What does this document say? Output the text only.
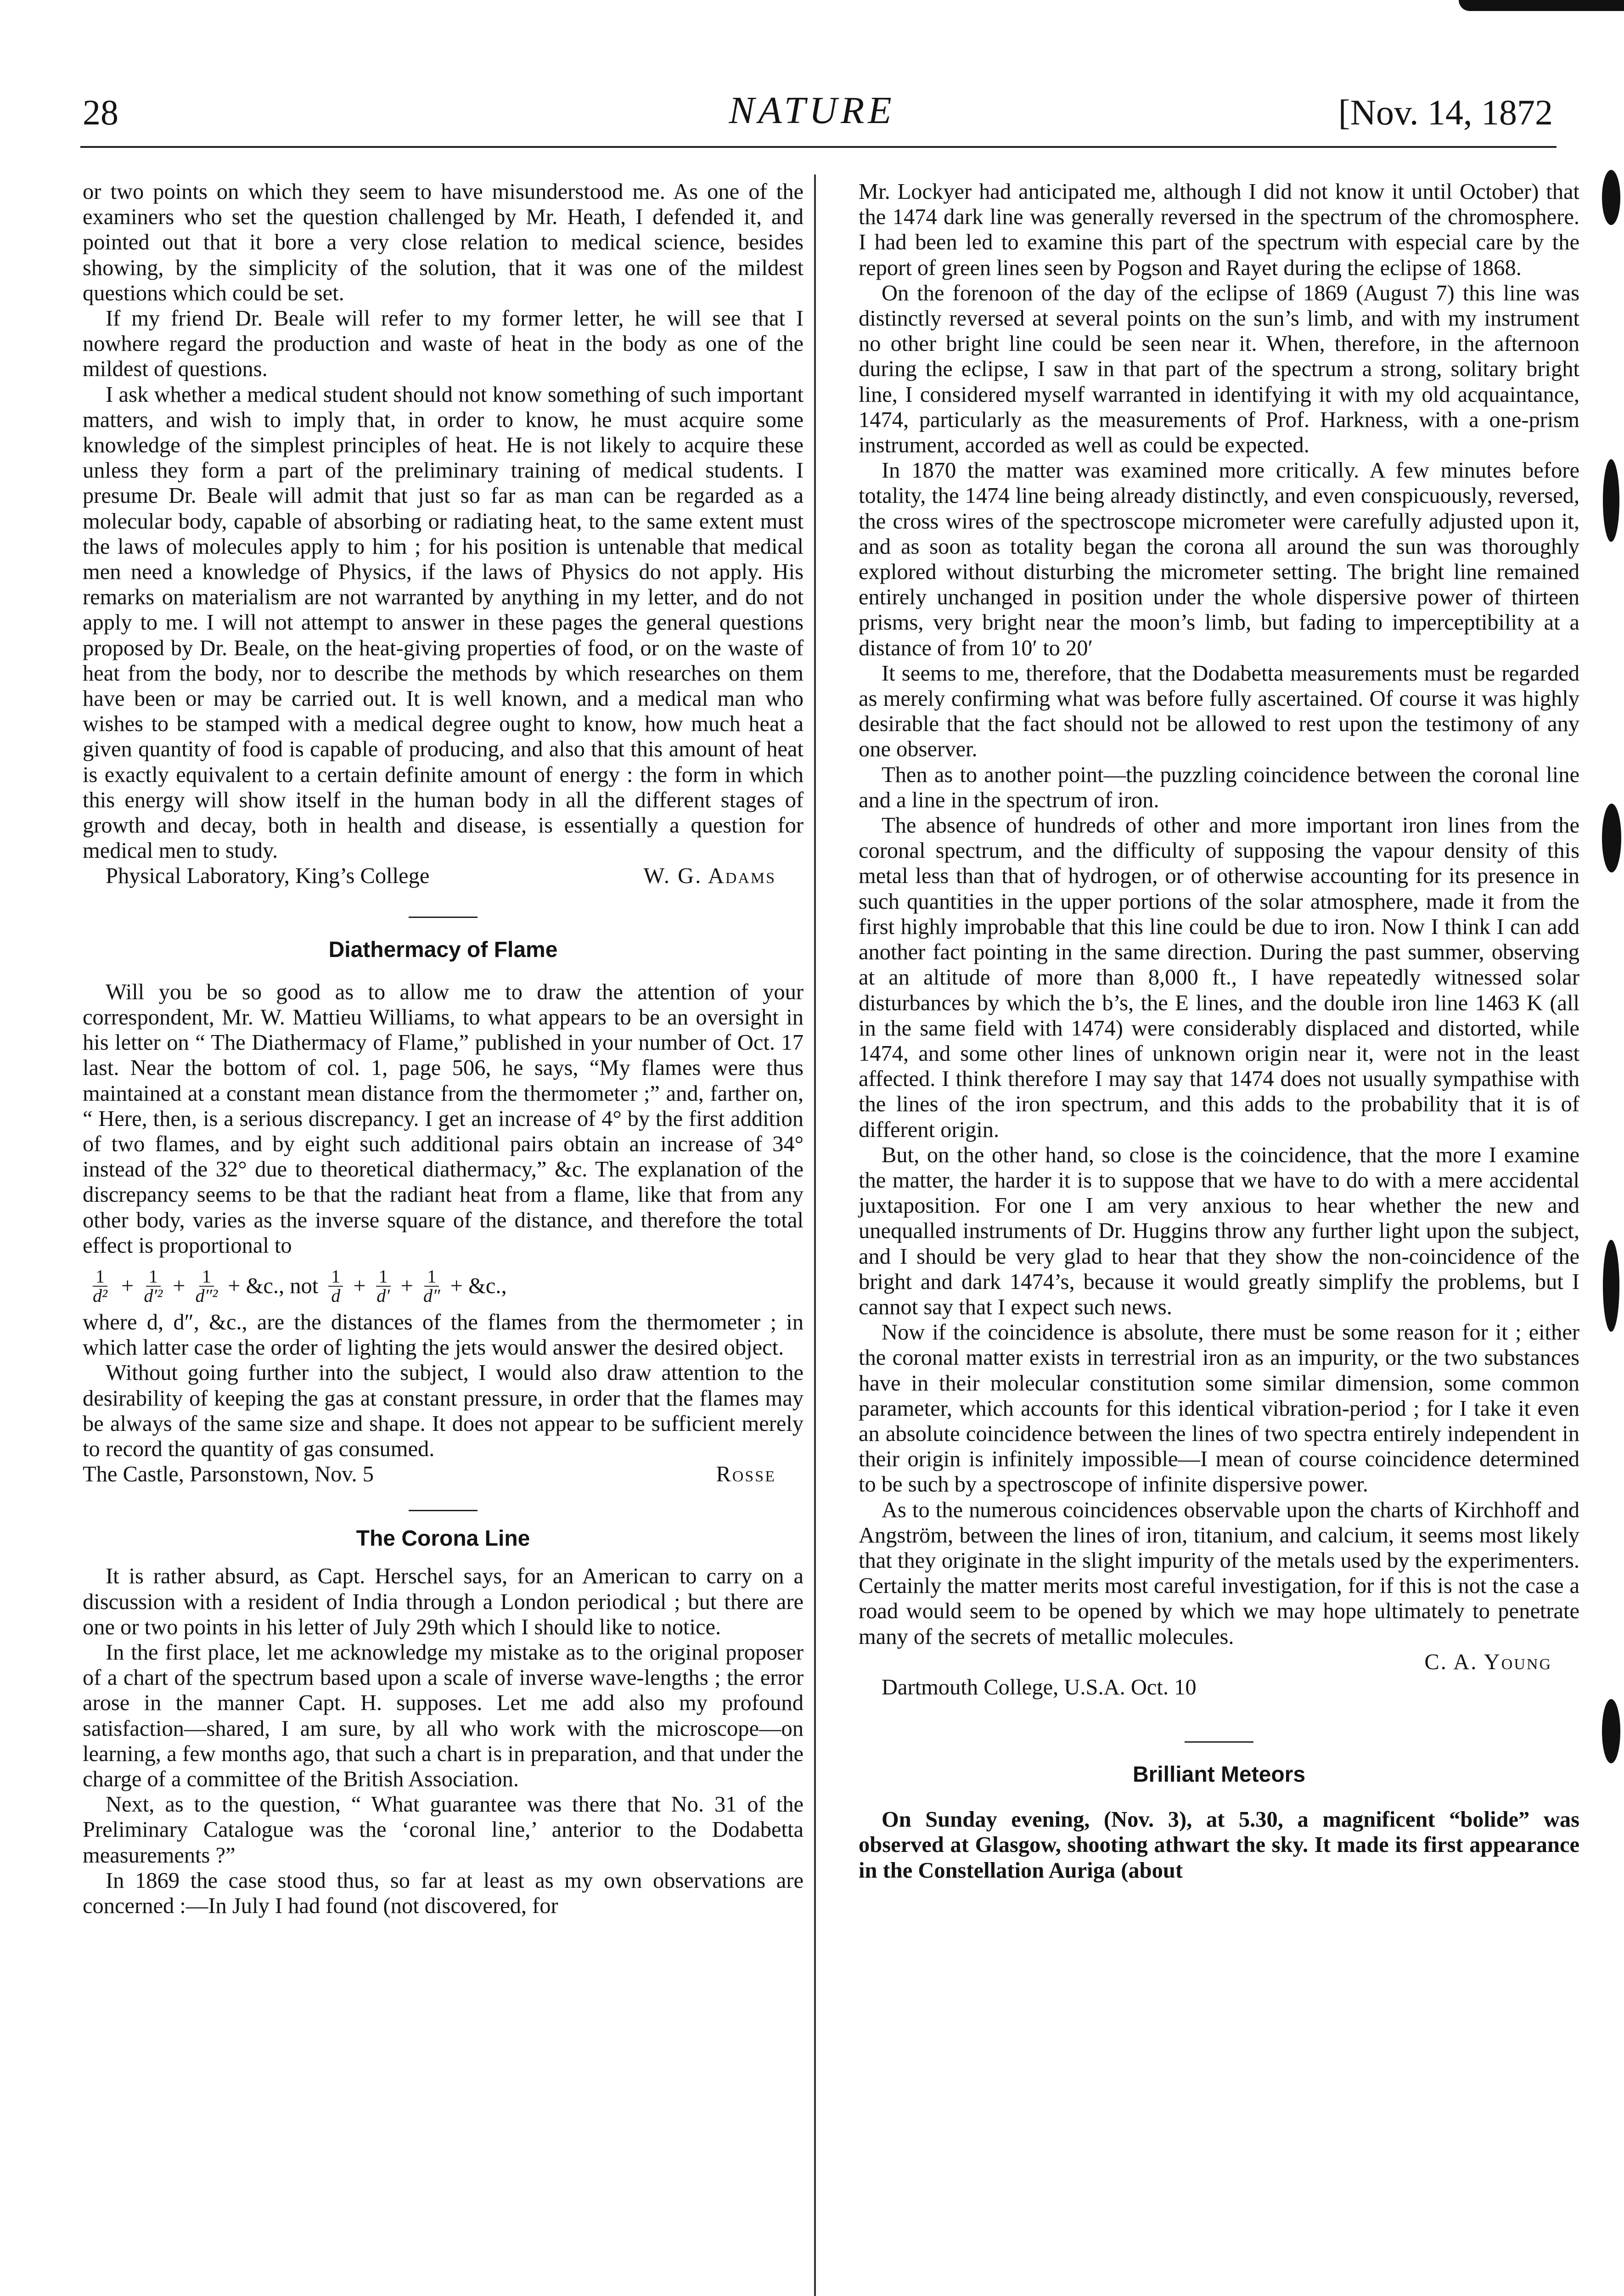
28	NATURE	[Nov. 14, 1872

or two points on which they seem to have misunderstood me. As one of the examiners who set the question challenged by Mr. Heath, I defended it, and pointed out that it bore a very close relation to medical science, besides showing, by the simplicity of the solution, that it was one of the mildest questions which could be set.

If my friend Dr. Beale will refer to my former letter, he will see that I nowhere regard the production and waste of heat in the body as one of the mildest of questions.

I ask whether a medical student should not know something of such important matters, and wish to imply that, in order to know, he must acquire some knowledge of the simplest principles of heat. He is not likely to acquire these unless they form a part of the preliminary training of medical students. I presume Dr. Beale will admit that just so far as man can be regarded as a molecular body, capable of absorbing or radiating heat, to the same extent must the laws of molecules apply to him ; for his position is untenable that medical men need a knowledge of Physics, if the laws of Physics do not apply. His remarks on materialism are not warranted by anything in my letter, and do not apply to me. I will not attempt to answer in these pages the general questions proposed by Dr. Beale, on the heat-giving properties of food, or on the waste of heat from the body, nor to describe the methods by which researches on them have been or may be carried out. It is well known, and a medical man who wishes to be stamped with a medical degree ought to know, how much heat a given quantity of food is capable of producing, and also that this amount of heat is exactly equivalent to a certain definite amount of energy : the form in which this energy will show itself in the human body in all the different stages of growth and decay, both in health and disease, is essentially a question for medical men to study.

Physical Laboratory, King’s College	W. G. Adams
Diathermacy of Flame

Will you be so good as to allow me to draw the attention of your correspondent, Mr. W. Mattieu Williams, to what appears to be an oversight in his letter on “ The Diathermacy of Flame,” published in your number of Oct. 17 last. Near the bottom of col. 1, page 506, he says, “My flames were thus maintained at a constant mean distance from the thermometer ;” and, farther on, “ Here, then, is a serious discrepancy. I get an increase of 4° by the first addition of two flames, and by eight such additional pairs obtain an increase of 34° instead of the 32° due to theoretical diathermacy,” &c. The explanation of the discrepancy seems to be that the radiant heat from a flame, like that from any other body, varies as the inverse square of the distance, and therefore the total effect is proportional to

$\frac{1}{\text{d²}} + \frac{1}{\text{d′²}} + \frac{1}{\text{d″²}}$ + &c., not $\frac{1}{d} + \frac{1}{d'} + \frac{1}{d''}$ + &c.,

where d, d″, &c., are the distances of the flames from the thermometer ; in which latter case the order of lighting the jets would answer the desired object.

Without going further into the subject, I would also draw attention to the desirability of keeping the gas at constant pressure, in order that the flames may be always of the same size and shape. It does not appear to be sufficient merely to record the quantity of gas consumed.

The Castle, Parsonstown, Nov. 5	Rosse
The Corona Line

It is rather absurd, as Capt. Herschel says, for an American to carry on a discussion with a resident of India through a London periodical ; but there are one or two points in his letter of July 29th which I should like to notice.

In the first place, let me acknowledge my mistake as to the original proposer of a chart of the spectrum based upon a scale of inverse wave-lengths ; the error arose in the manner Capt. H. supposes. Let me add also my profound satisfaction—shared, I am sure, by all who work with the microscope—on learning, a few months ago, that such a chart is in preparation, and that under the charge of a committee of the British Association.

Next, as to the question, “ What guarantee was there that No. 31 of the Preliminary Catalogue was the ‘coronal line,’ anterior to the Dodabetta measurements ?”

In 1869 the case stood thus, so far at least as my own observations are concerned :—In July I had found (not discovered, for

Mr. Lockyer had anticipated me, although I did not know it until October) that the 1474 dark line was generally reversed in the spectrum of the chromosphere. I had been led to examine this part of the spectrum with especial care by the report of green lines seen by Pogson and Rayet during the eclipse of 1868.

On the forenoon of the day of the eclipse of 1869 (August 7) this line was distinctly reversed at several points on the sun’s limb, and with my instrument no other bright line could be seen near it. When, therefore, in the afternoon during the eclipse, I saw in that part of the spectrum a strong, solitary bright line, I considered myself warranted in identifying it with my old acquaintance, 1474, particularly as the measurements of Prof. Harkness, with a one-prism instrument, accorded as well as could be expected.

In 1870 the matter was examined more critically. A few minutes before totality, the 1474 line being already distinctly, and even conspicuously, reversed, the cross wires of the spectroscope micrometer were carefully adjusted upon it, and as soon as totality began the corona all around the sun was thoroughly explored without disturbing the micrometer setting. The bright line remained entirely unchanged in position under the whole dispersive power of thirteen prisms, very bright near the moon’s limb, but fading to imperceptibility at a distance of from 10′ to 20′

It seems to me, therefore, that the Dodabetta measurements must be regarded as merely confirming what was before fully ascertained. Of course it was highly desirable that the fact should not be allowed to rest upon the testimony of any one observer.

Then as to another point—the puzzling coincidence between the coronal line and a line in the spectrum of iron.

The absence of hundreds of other and more important iron lines from the coronal spectrum, and the difficulty of supposing the vapour density of this metal less than that of hydrogen, or of otherwise accounting for its presence in such quantities in the upper portions of the solar atmosphere, made it from the first highly improbable that this line could be due to iron. Now I think I can add another fact pointing in the same direction. During the past summer, observing at an altitude of more than 8,000 ft., I have repeatedly witnessed solar disturbances by which the b’s, the E lines, and the double iron line 1463 K (all in the same field with 1474) were considerably displaced and distorted, while 1474, and some other lines of unknown origin near it, were not in the least affected. I think therefore I may say that 1474 does not usually sympathise with the lines of the iron spectrum, and this adds to the probability that it is of different origin.

But, on the other hand, so close is the coincidence, that the more I examine the matter, the harder it is to suppose that we have to do with a mere accidental juxtaposition. For one I am very anxious to hear whether the new and unequalled instruments of Dr. Huggins throw any further light upon the subject, and I should be very glad to hear that they show the non-coincidence of the bright and dark 1474’s, because it would greatly simplify the problems, but I cannot say that I expect such news.

Now if the coincidence is absolute, there must be some reason for it ; either the coronal matter exists in terrestrial iron as an impurity, or the two substances have in their molecular constitution some similar dimension, some common parameter, which accounts for this identical vibration-period ; for I take it even an absolute coincidence between the lines of two spectra entirely independent in their origin is infinitely impossible—I mean of course coincidence determined to be such by a spectroscope of infinite dispersive power.

As to the numerous coincidences observable upon the charts of Kirchhoff and Angström, between the lines of iron, titanium, and calcium, it seems most likely that they originate in the slight impurity of the metals used by the experimenters. Certainly the matter merits most careful investigation, for if this is not the case a road would seem to be opened by which we may hope ultimately to penetrate many of the secrets of metallic molecules.

C. A. Young
Dartmouth College, U.S.A. Oct. 10
Brilliant Meteors

On Sunday evening, (Nov. 3), at 5.30, a magnificent “bolide” was observed at Glasgow, shooting athwart the sky. It made its first appearance in the Constellation Auriga (about
